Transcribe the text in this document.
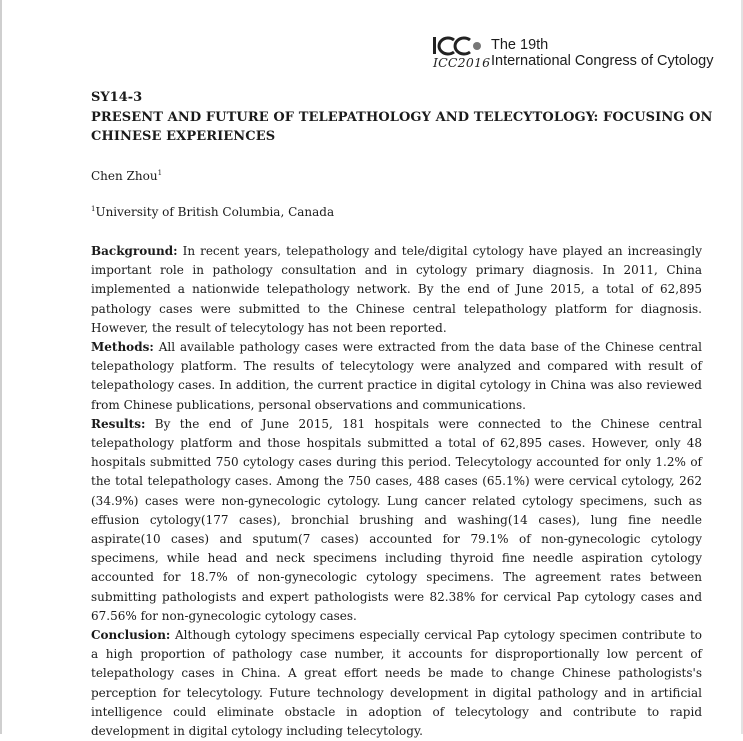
ICC2016
The 19th
International Congress of Cytology
SY14-3
PRESENT AND FUTURE OF TELEPATHOLOGY AND TELECYTOLOGY: FOCUSING ON CHINESE EXPERIENCES
Chen Zhou$^1$
$^1$University of British Columbia, Canada

Background: In recent years, telepathology and tele/digital cytology have played an increasingly important role in pathology consultation and in cytology primary diagnosis. In 2011, China implemented a nationwide telepathology network. By the end of June 2015, a total of 62,895 pathology cases were submitted to the Chinese central telepathology platform for diagnosis. However, the result of telecytology has not been reported.

Methods: All available pathology cases were extracted from the data base of the Chinese central telepathology platform. The results of telecytology were analyzed and compared with result of telepathology cases. In addition, the current practice in digital cytology in China was also reviewed from Chinese publications, personal observations and communications.

Results: By the end of June 2015, 181 hospitals were connected to the Chinese central telepathology platform and those hospitals submitted a total of 62,895 cases. However, only 48 hospitals submitted 750 cytology cases during this period. Telecytology accounted for only 1.2% of the total telepathology cases. Among the 750 cases, 488 cases (65.1%) were cervical cytology, 262 (34.9%) cases were non-gynecologic cytology. Lung cancer related cytology specimens, such as effusion cytology(177 cases), bronchial brushing and washing(14 cases), lung fine needle aspirate(10 cases) and sputum(7 cases) accounted for 79.1% of non-gynecologic cytology specimens, while head and neck specimens including thyroid fine needle aspiration cytology accounted for 18.7% of non-gynecologic cytology specimens. The agreement rates between submitting pathologists and expert pathologists were 82.38% for cervical Pap cytology cases and 67.56% for non-gynecologic cytology cases.

Conclusion: Although cytology specimens especially cervical Pap cytology specimen contribute to a high proportion of pathology case number, it accounts for disproportionally low percent of telepathology cases in China. A great effort needs be made to change Chinese pathologists's perception for telecytology. Future technology development in digital pathology and in artificial intelligence could eliminate obstacle in adoption of telecytology and contribute to rapid development in digital cytology including telecytology.
